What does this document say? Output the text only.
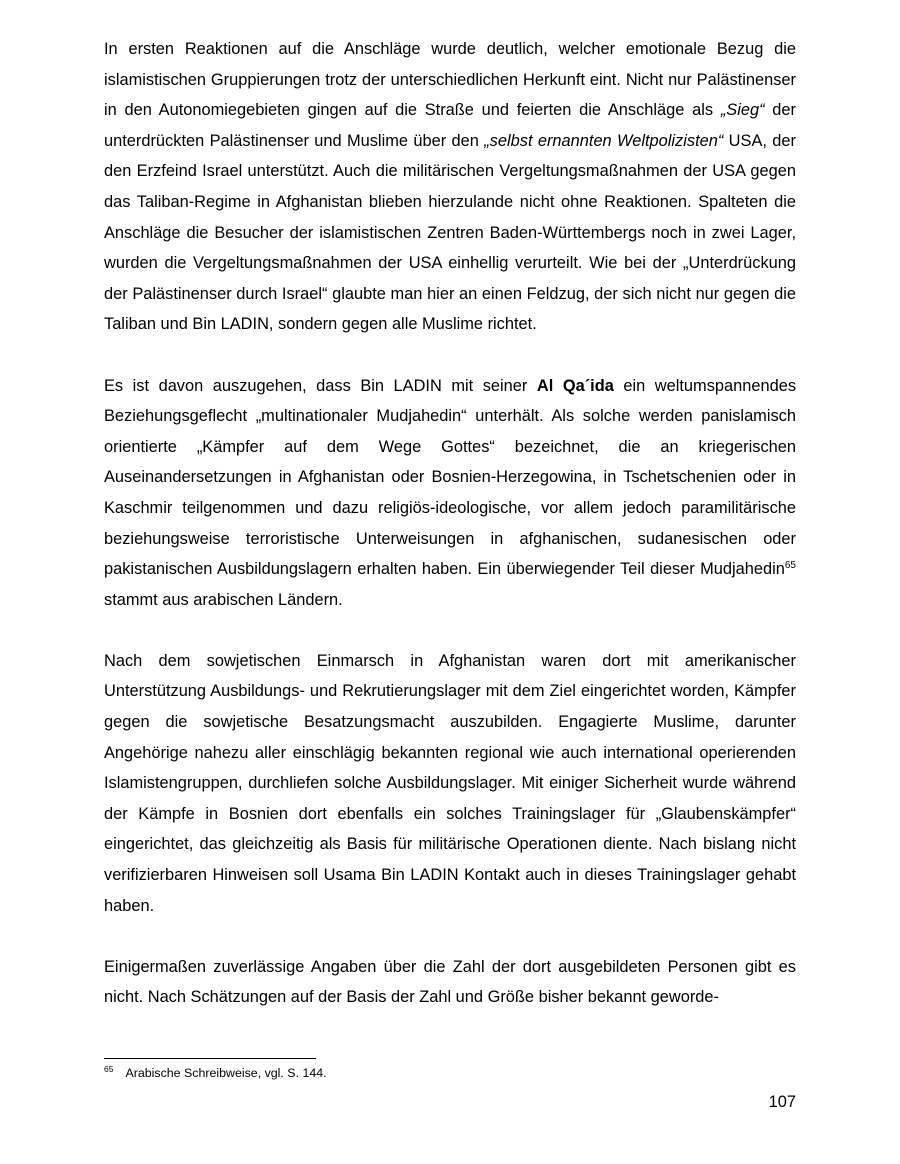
In ersten Reaktionen auf die Anschläge wurde deutlich, welcher emotionale Bezug die islamistischen Gruppierungen trotz der unterschiedlichen Herkunft eint. Nicht nur Palästinenser in den Autonomiegebieten gingen auf die Straße und feierten die Anschläge als „Sieg“ der unterdrückten Palästinenser und Muslime über den „selbst ernannten Weltpolizisten“ USA, der den Erzfeind Israel unterstützt. Auch die militärischen Vergeltungsmaßnahmen der USA gegen das Taliban-Regime in Afghanistan blieben hierzulande nicht ohne Reaktionen. Spalteten die Anschläge die Besucher der islamistischen Zentren Baden-Württembergs noch in zwei Lager, wurden die Vergeltungsmaßnahmen der USA einhellig verurteilt. Wie bei der „Unterdrückung der Palästinenser durch Israel“ glaubte man hier an einen Feldzug, der sich nicht nur gegen die Taliban und Bin LADIN, sondern gegen alle Muslime richtet.

Es ist davon auszugehen, dass Bin LADIN mit seiner Al Qa´ida ein weltumspannendes Beziehungsgeflecht „multinationaler Mudjahedin“ unterhält. Als solche werden panislamisch orientierte „Kämpfer auf dem Wege Gottes“ bezeichnet, die an kriegerischen Auseinandersetzungen in Afghanistan oder Bosnien-Herzegowina, in Tschetschenien oder in Kaschmir teilgenommen und dazu religiös-ideologische, vor allem jedoch paramilitärische beziehungsweise terroristische Unterweisungen in afghanischen, sudanesischen oder pakistanischen Ausbildungslagern erhalten haben. Ein überwiegender Teil dieser Mudjahedin$^{65}$ stammt aus arabischen Ländern.

Nach dem sowjetischen Einmarsch in Afghanistan waren dort mit amerikanischer Unterstützung Ausbildungs- und Rekrutierungslager mit dem Ziel eingerichtet worden, Kämpfer gegen die sowjetische Besatzungsmacht auszubilden. Engagierte Muslime, darunter Angehörige nahezu aller einschlägig bekannten regional wie auch international operierenden Islamistengruppen, durchliefen solche Ausbildungslager. Mit einiger Sicherheit wurde während der Kämpfe in Bosnien dort ebenfalls ein solches Trainingslager für „Glaubenskämpfer“ eingerichtet, das gleichzeitig als Basis für militärische Operationen diente. Nach bislang nicht verifizierbaren Hinweisen soll Usama Bin LADIN Kontakt auch in dieses Trainingslager gehabt haben.

Einigermaßen zuverlässige Angaben über die Zahl der dort ausgebildeten Personen gibt es nicht. Nach Schätzungen auf der Basis der Zahl und Größe bisher bekannt geworde-

$^{65}$ Arabische Schreibweise, vgl. S. 144.
107
